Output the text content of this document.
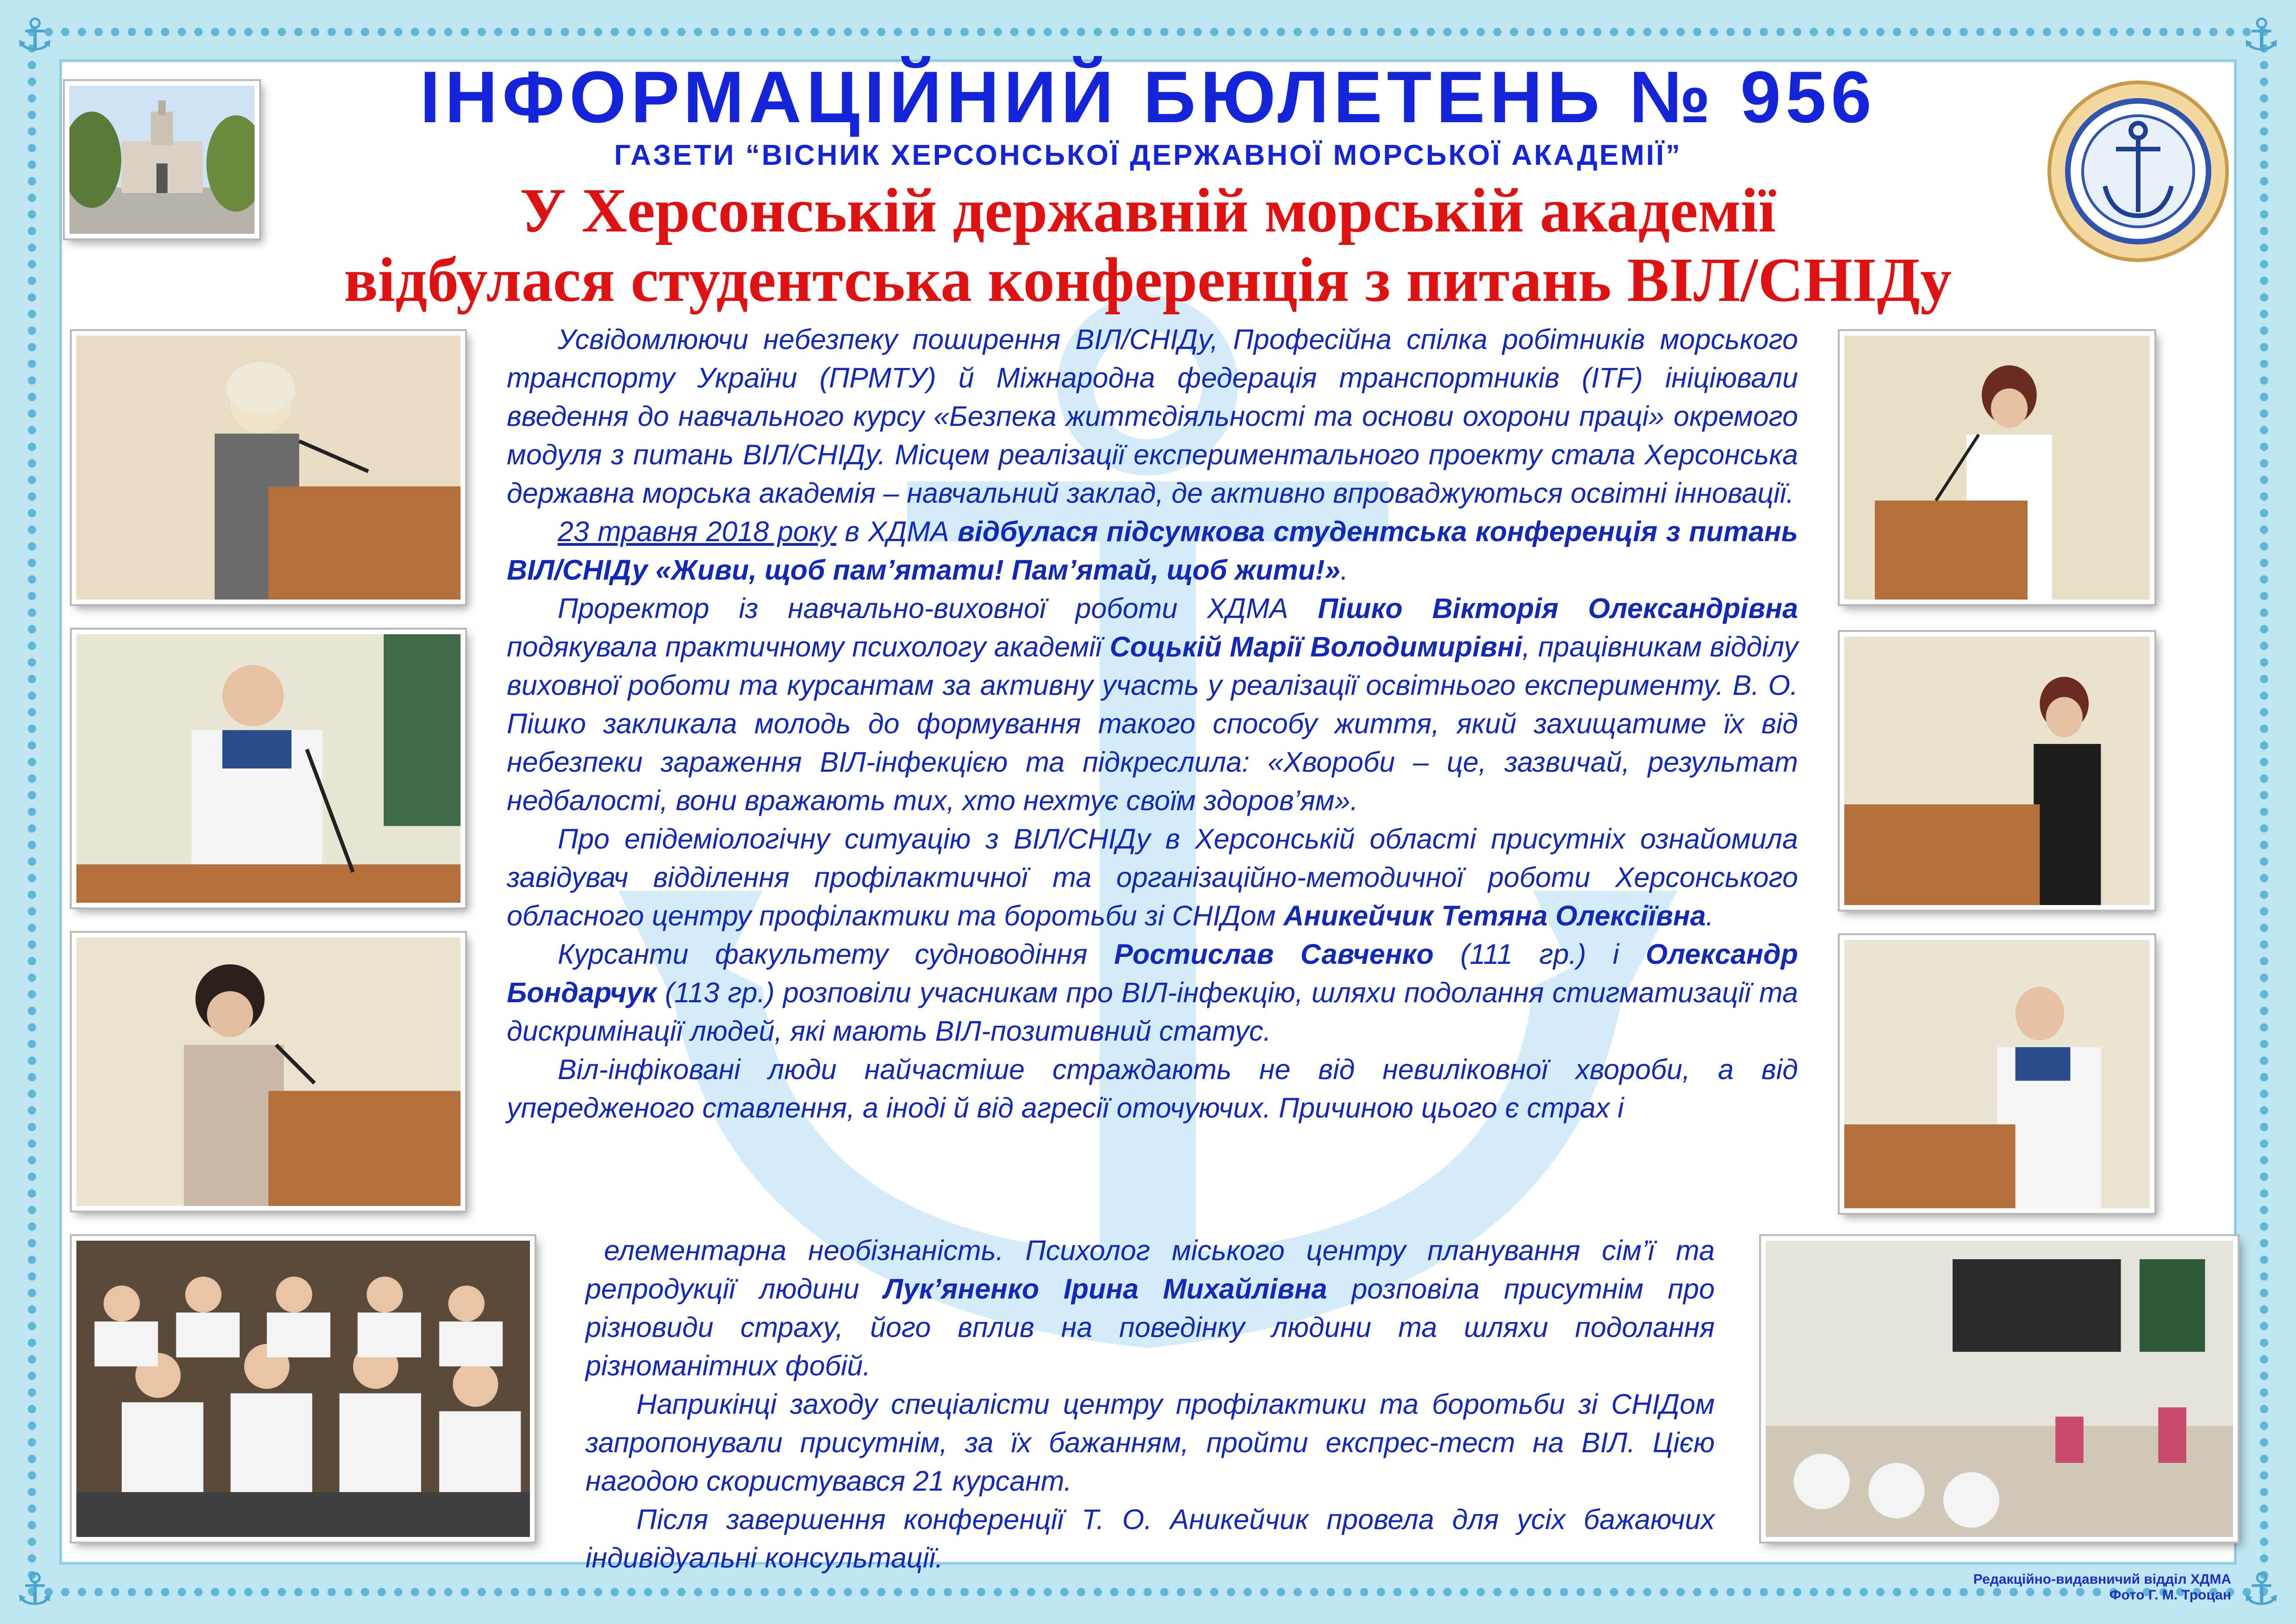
⚓	⚓
⚓	⚓
ІНФОРМАЦІЙНИЙ БЮЛЕТЕНЬ № 956
ГАЗЕТИ “ВІСНИК ХЕРСОНСЬКОЇ ДЕРЖАВНОЇ МОРСЬКОЇ АКАДЕМІЇ”
У Херсонській державній морській академії
відбулася студентська конференція з питань ВІЛ/СНІДу

Усвідомлюючи небезпеку поширення ВІЛ/СНІДу, Професійна спілка робітників морського транспорту України (ПРМТУ) й Міжнародна федерація транспортників (ITF) ініціювали введення до навчального курсу «Безпека життєдіяльності та основи охорони праці» окремого модуля з питань ВІЛ/СНІДу. Місцем реалізації експериментального проекту стала Херсонська державна морська академія – навчальний заклад, де активно впроваджуються освітні інновації.

23 травня 2018 року в ХДМА відбулася підсумкова студентська конференція з питань ВІЛ/СНІДу «Живи, щоб пам’ятати! Пам’ятай, щоб жити!».

Проректор із навчально-виховної роботи ХДМА Пішко Вікторія Олександрівна подякувала практичному психологу академії Соцькій Марії Володимирівні, працівникам відділу виховної роботи та курсантам за активну участь у реалізації освітнього експерименту. В. О. Пішко закликала молодь до формування такого способу життя, який захищатиме їх від небезпеки зараження ВІЛ-інфекцією та підкреслила: «Хвороби – це, зазвичай, результат недбалості, вони вражають тих, хто нехтує своїм здоров’ям».

Про епідеміологічну ситуацію з ВІЛ/СНІДу в Херсонській області присутніх ознайомила завідувач відділення профілактичної та організаційно-методичної роботи Херсонського обласного центру профілактики та боротьби зі СНІДом Аникейчик Тетяна Олексіївна.

Курсанти факультету судноводіння Ростислав Савченко (111 гр.) і Олександр Бондарчук (113 гр.) розповіли учасникам про ВІЛ-інфекцію, шляхи подолання стигматизації та дискримінації людей, які мають ВІЛ-позитивний статус.

Віл-інфіковані люди найчастіше страждають не від невиліковної хвороби, а від упередженого ставлення, а іноді й від агресії оточуючих. Причиною цього є страх і

елементарна необізнаність. Психолог міського центру планування сім’ї та репродукції людини Лук’яненко Ірина Михайлівна розповіла присутнім про різновиди страху, його вплив на поведінку людини та шляхи подолання різноманітних фобій.

Наприкінці заходу спеціалісти центру профілактики та боротьби зі СНІДом запропонували присутнім, за їх бажанням, пройти експрес-тест на ВІЛ. Цією нагодою скористувався 21 курсант.

Після завершення конференції Т. О. Аникейчик провела для усіх бажаючих індивідуальні консультації.

Редакційно-видавничий відділ ХДМА
Фото Г. М. Троцан
